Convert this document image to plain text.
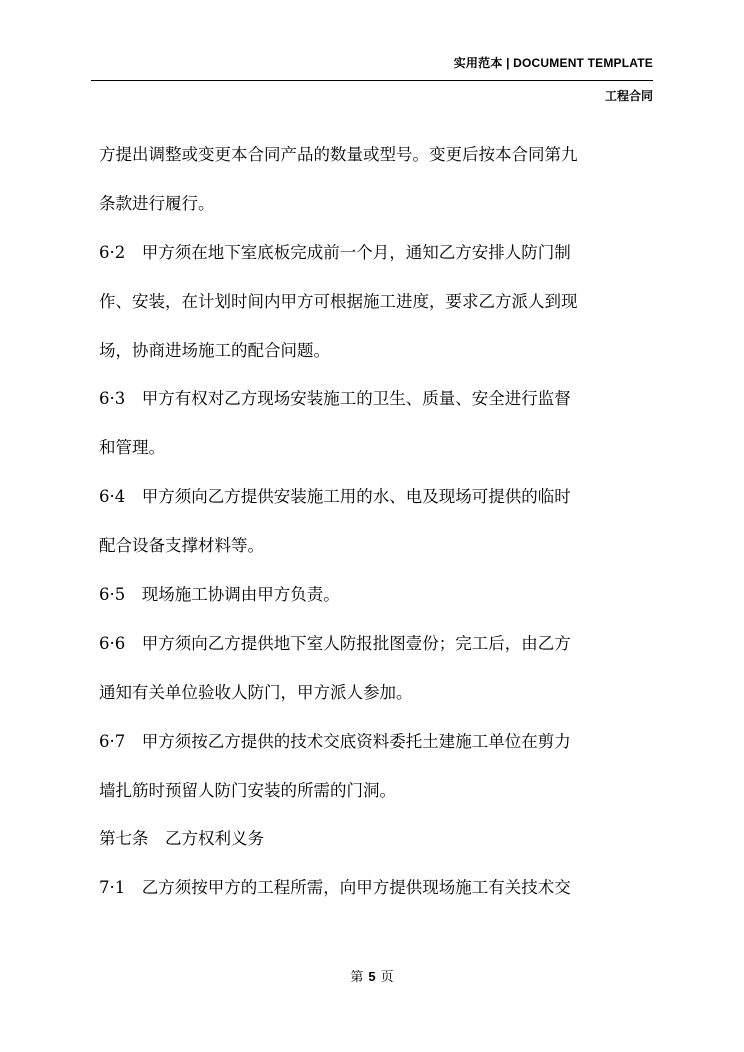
实用范本 | DOCUMENT TEMPLATE
工程合同
方提出调整或变更本合同产品的数量或型号。变更后按本合同第九
条款进行履行。
6·2　甲方须在地下室底板完成前一个月，通知乙方安排人防门制
作、安装，在计划时间内甲方可根据施工进度，要求乙方派人到现
场，协商进场施工的配合问题。
6·3　甲方有权对乙方现场安装施工的卫生、质量、安全进行监督
和管理。
6·4　甲方须向乙方提供安装施工用的水、电及现场可提供的临时
配合设备支撑材料等。
6·5　现场施工协调由甲方负责。
6·6　甲方须向乙方提供地下室人防报批图壹份；完工后，由乙方
通知有关单位验收人防门，甲方派人参加。
6·7　甲方须按乙方提供的技术交底资料委托土建施工单位在剪力
墙扎筋时预留人防门安装的所需的门洞。
第七条　乙方权利义务
7·1　乙方须按甲方的工程所需，向甲方提供现场施工有关技术交
第 5 页
